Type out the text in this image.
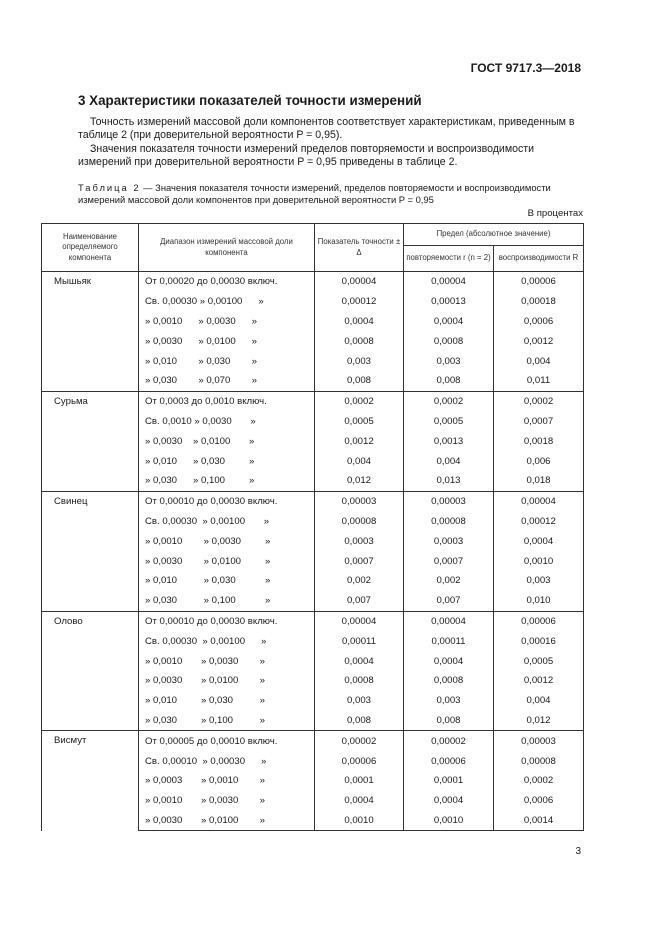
ГОСТ 9717.3—2018
3 Характеристики показателей точности измерений
Точность измерений массовой доли компонентов соответствует характеристикам, приведенным в таблице 2 (при доверительной вероятности P = 0,95).
Значения показателя точности измерений пределов повторяемости и воспроизводимости измерений при доверительной вероятности P = 0,95 приведены в таблице 2.
Таблица 2 — Значения показателя точности измерений, пределов повторяемости и воспроизводимости измерений массовой доли компонентов при доверительной вероятности P = 0,95
В процентах
Наименование определяемого компонента	Диапазон измерений массовой доли компонента	Показатель точности ± Δ	Предел (абсолютное значение)	
			повторяемости r (n = 2)	воспроизводимости R
Мышьяк	От 0,00020 до 0,00030 включ.	0,00004	0,00004	0,00006
	Св. 0,00030 » 0,00100      »	0,00012	0,00013	0,00018
	» 0,0010      » 0,0030      »	0,0004	0,0004	0,0006
	» 0,0030      » 0,0100      »	0,0008	0,0008	0,0012
	» 0,010        » 0,030        »	0,003	0,003	0,004
	» 0,030        » 0,070        »	0,008	0,008	0,011
Сурьма	От 0,0003 до 0,0010 включ.	0,0002	0,0002	0,0002
	Св. 0,0010 » 0,0030       »	0,0005	0,0005	0,0007
	» 0,0030    » 0,0100       »	0,0012	0,0013	0,0018
	» 0,010      » 0,030         »	0,004	0,004	0,006
	» 0,030      » 0,100         »	0,012	0,013	0,018
Свинец	От 0,00010 до 0,00030 включ.	0,00003	0,00003	0,00004
	Св. 0,00030  » 0,00100       »	0,00008	0,00008	0,00012
	» 0,0010        » 0,0030         »	0,0003	0,0003	0,0004
	» 0,0030        » 0,0100         »	0,0007	0,0007	0,0010
	» 0,010          » 0,030           »	0,002	0,002	0,003
	» 0,030          » 0,100           »	0,007	0,007	0,010
Олово	От 0,00010 до 0,00030 включ.	0,00004	0,00004	0,00006
	Св. 0,00030  » 0,00100      »	0,00011	0,00011	0,00016
	» 0,0010       » 0,0030        »	0,0004	0,0004	0,0005
	» 0,0030       » 0,0100        »	0,0008	0,0008	0,0012
	» 0,010         » 0,030          »	0,003	0,003	0,004
	» 0,030         » 0,100          »	0,008	0,008	0,012
Висмут	От 0,00005 до 0,00010 включ.	0,00002	0,00002	0,00003
	Св. 0,00010  » 0,00030      »	0,00006	0,00006	0,00008
	» 0,0003       » 0,0010        »	0,0001	0,0001	0,0002
	» 0,0010       » 0,0030        »	0,0004	0,0004	0,0006
	» 0,0030       » 0,0100        »	0,0010	0,0010	0,0014
3
